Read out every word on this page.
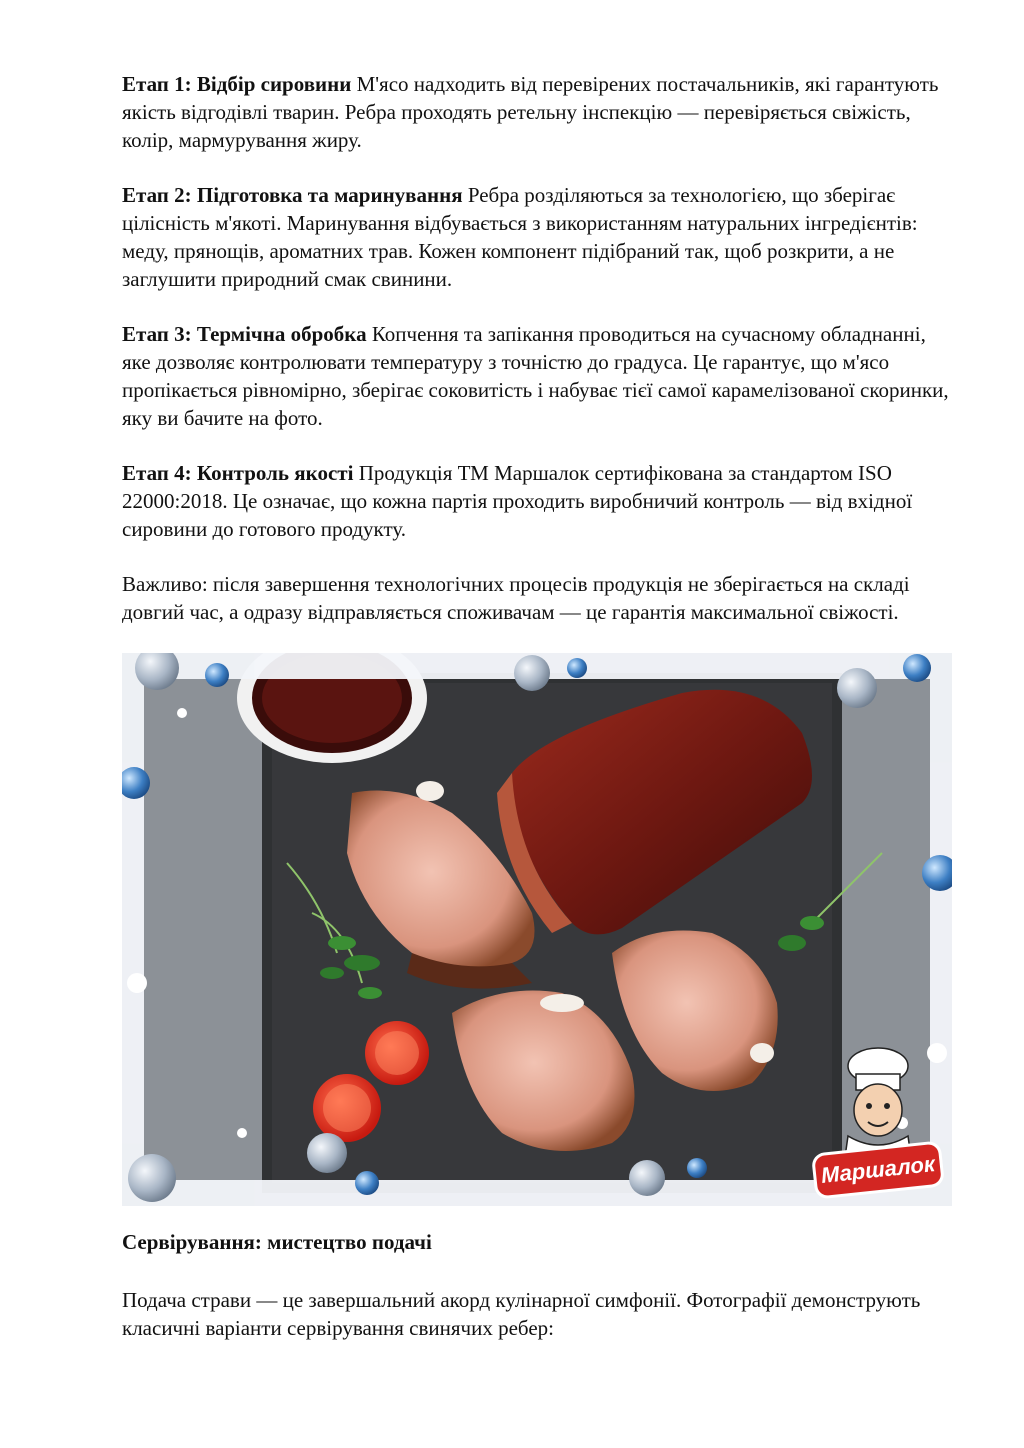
Етап 1: Відбір сировини М'ясо надходить від перевірених постачальників, які гарантують якість відгодівлі тварин. Ребра проходять ретельну інспекцію — перевіряється свіжість, колір, мармурування жиру.

Етап 2: Підготовка та маринування Ребра розділяються за технологією, що зберігає цілісність м'якоті. Маринування відбувається з використанням натуральних інгредієнтів: меду, прянощів, ароматних трав. Кожен компонент підібраний так, щоб розкрити, а не заглушити природний смак свинини.

Етап 3: Термічна обробка Копчення та запікання проводиться на сучасному обладнанні, яке дозволяє контролювати температуру з точністю до градуса. Це гарантує, що м'ясо пропікається рівномірно, зберігає соковитість і набуває тієї самої карамелізованої скоринки, яку ви бачите на фото.

Етап 4: Контроль якості Продукція ТМ Маршалок сертифікована за стандартом ISO 22000:2018. Це означає, що кожна партія проходить виробничий контроль — від вхідної сировини до готового продукту.

Важливо: після завершення технологічних процесів продукція не зберігається на складі довгий час, а одразу відправляється споживачам — це гарантія максимальної свіжості.

Маршалок

Сервірування: мистецтво подачі

Подача страви — це завершальний акорд кулінарної симфонії. Фотографії демонструють класичні варіанти сервірування свинячих ребер:
